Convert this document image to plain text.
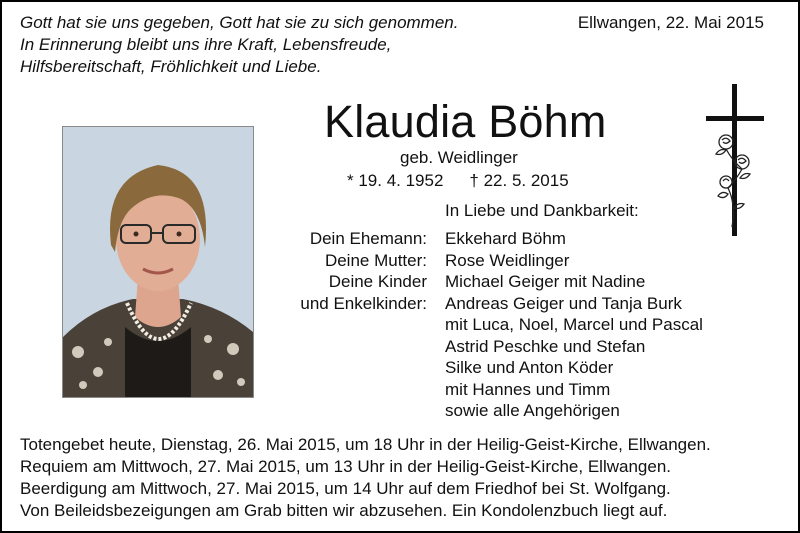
Gott hat sie uns gegeben, Gott hat sie zu sich genommen.
In Erinnerung bleibt uns ihre Kraft, Lebensfreude,
Hilfsbereitschaft, Fröhlichkeit und Liebe.
Ellwangen, 22. Mai 2015
Klaudia Böhm
geb. Weidlinger
* 19. 4. 1952 † 22. 5. 2015
In Liebe und Dankbarkeit:
Dein Ehemann:
Deine Mutter:
Deine Kinder
und Enkelkinder:
Ekkehard Böhm
Rose Weidlinger
Michael Geiger mit Nadine
Andreas Geiger und Tanja Burk
mit Luca, Noel, Marcel und Pascal
Astrid Peschke und Stefan
Silke und Anton Köder
mit Hannes und Timm
sowie alle Angehörigen
Totengebet heute, Dienstag, 26. Mai 2015, um 18 Uhr in der Heilig-Geist-Kirche, Ellwangen.
Requiem am Mittwoch, 27. Mai 2015, um 13 Uhr in der Heilig-Geist-Kirche, Ellwangen.
Beerdigung am Mittwoch, 27. Mai 2015, um 14 Uhr auf dem Friedhof bei St. Wolfgang.
Von Beileidsbezeigungen am Grab bitten wir abzusehen. Ein Kondolenzbuch liegt auf.
